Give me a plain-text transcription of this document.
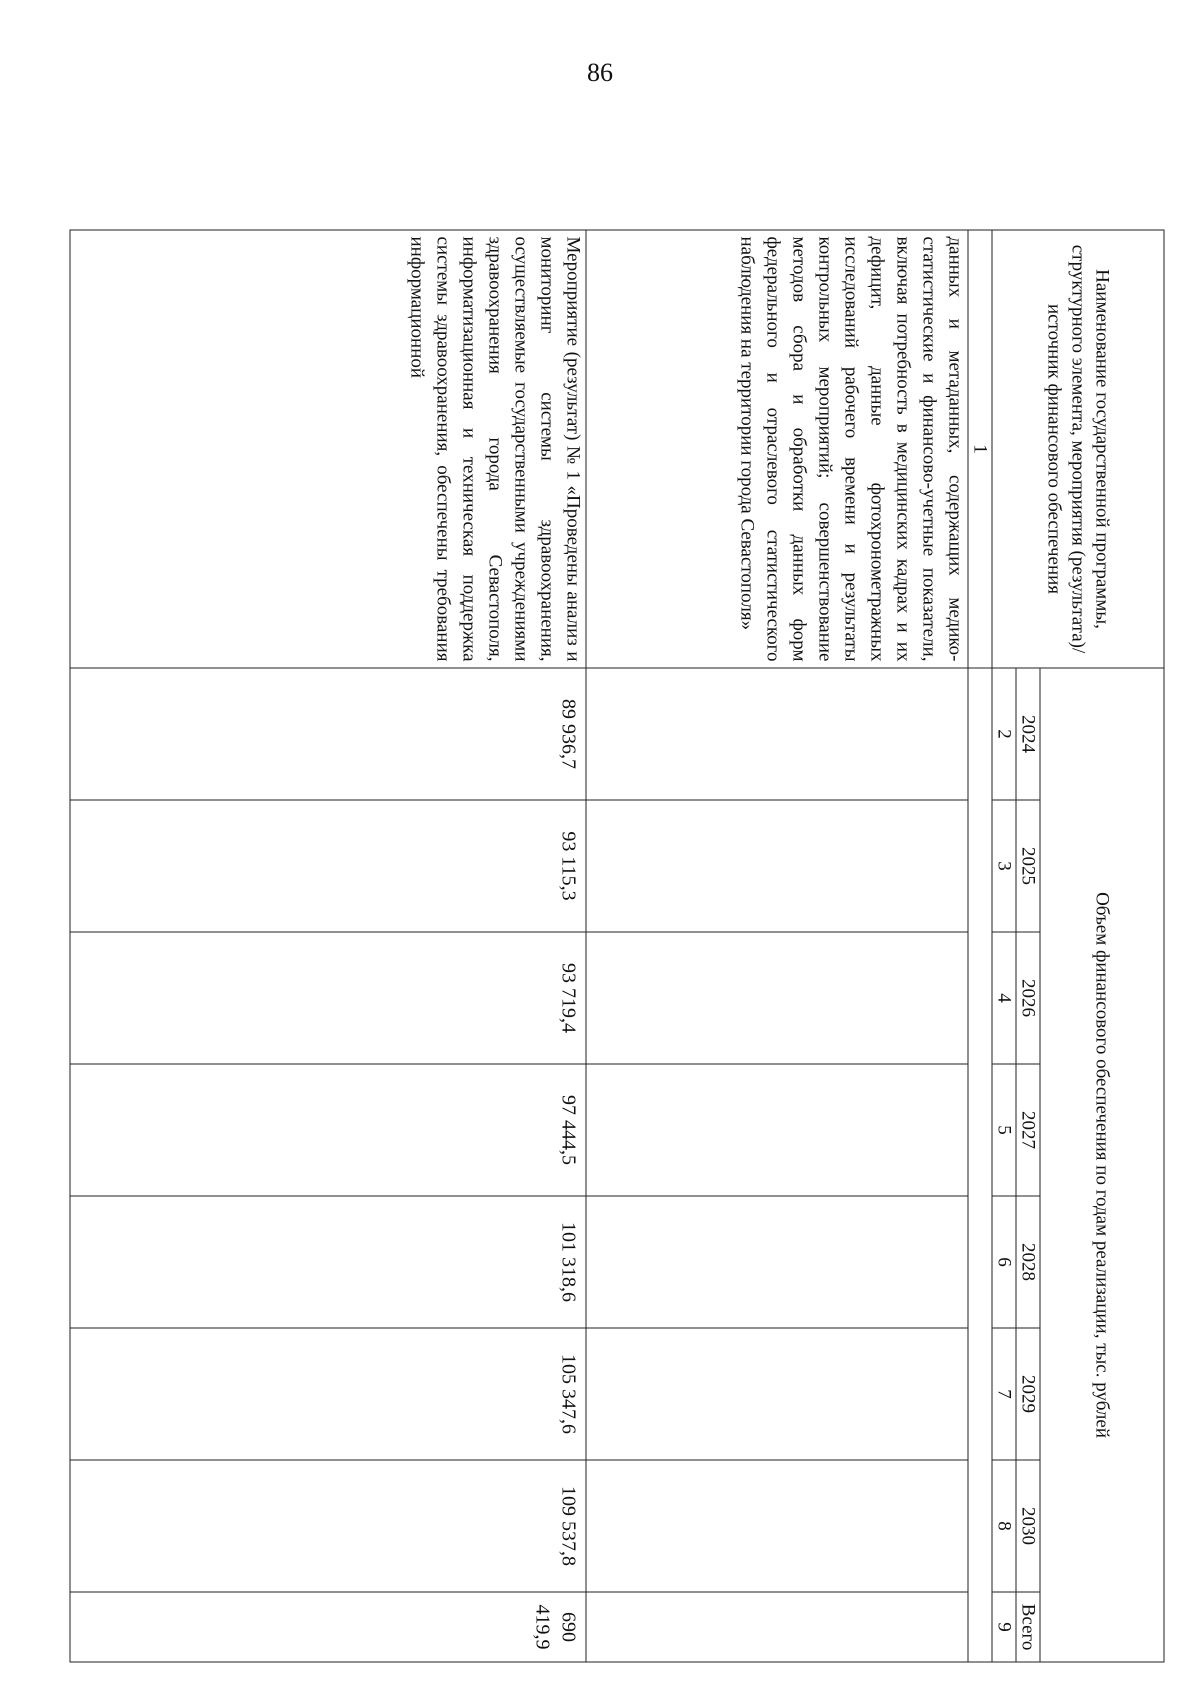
86
Наименование государственной программы, структурного элемента, мероприятия (результата)/источник финансового обеспечения	Объем финансового обеспечения по годам реализации, тыс. рублей							
	2024	2025	2026	2027	2028	2029	2030	Всего
	2	3	4	5	6	7	8	9
1								
данных и метаданных, содержащих медико-статистические и финансово-учетные показатели, включая потребность в медицинских кадрах и их дефицит, данные фотохронометражных исследований рабочего времени и результаты контрольных мероприятий; совершенствование методов сбора и обработки данных форм федерального и отраслевого статистического наблюдения на территории города Севастополя»								
Мероприятие (результат) № 1 «Проведены анализ и мониторинг системы здравоохранения, осуществляемые государственными учреждениями здравоохранения города Севастополя, информатизационная и техническая поддержка системы здравоохранения, обеспечены требования информационной	89 936,7	93 115,3	93 719,4	97 444,5	101 318,6	105 347,6	109 537,8	690 419,9
